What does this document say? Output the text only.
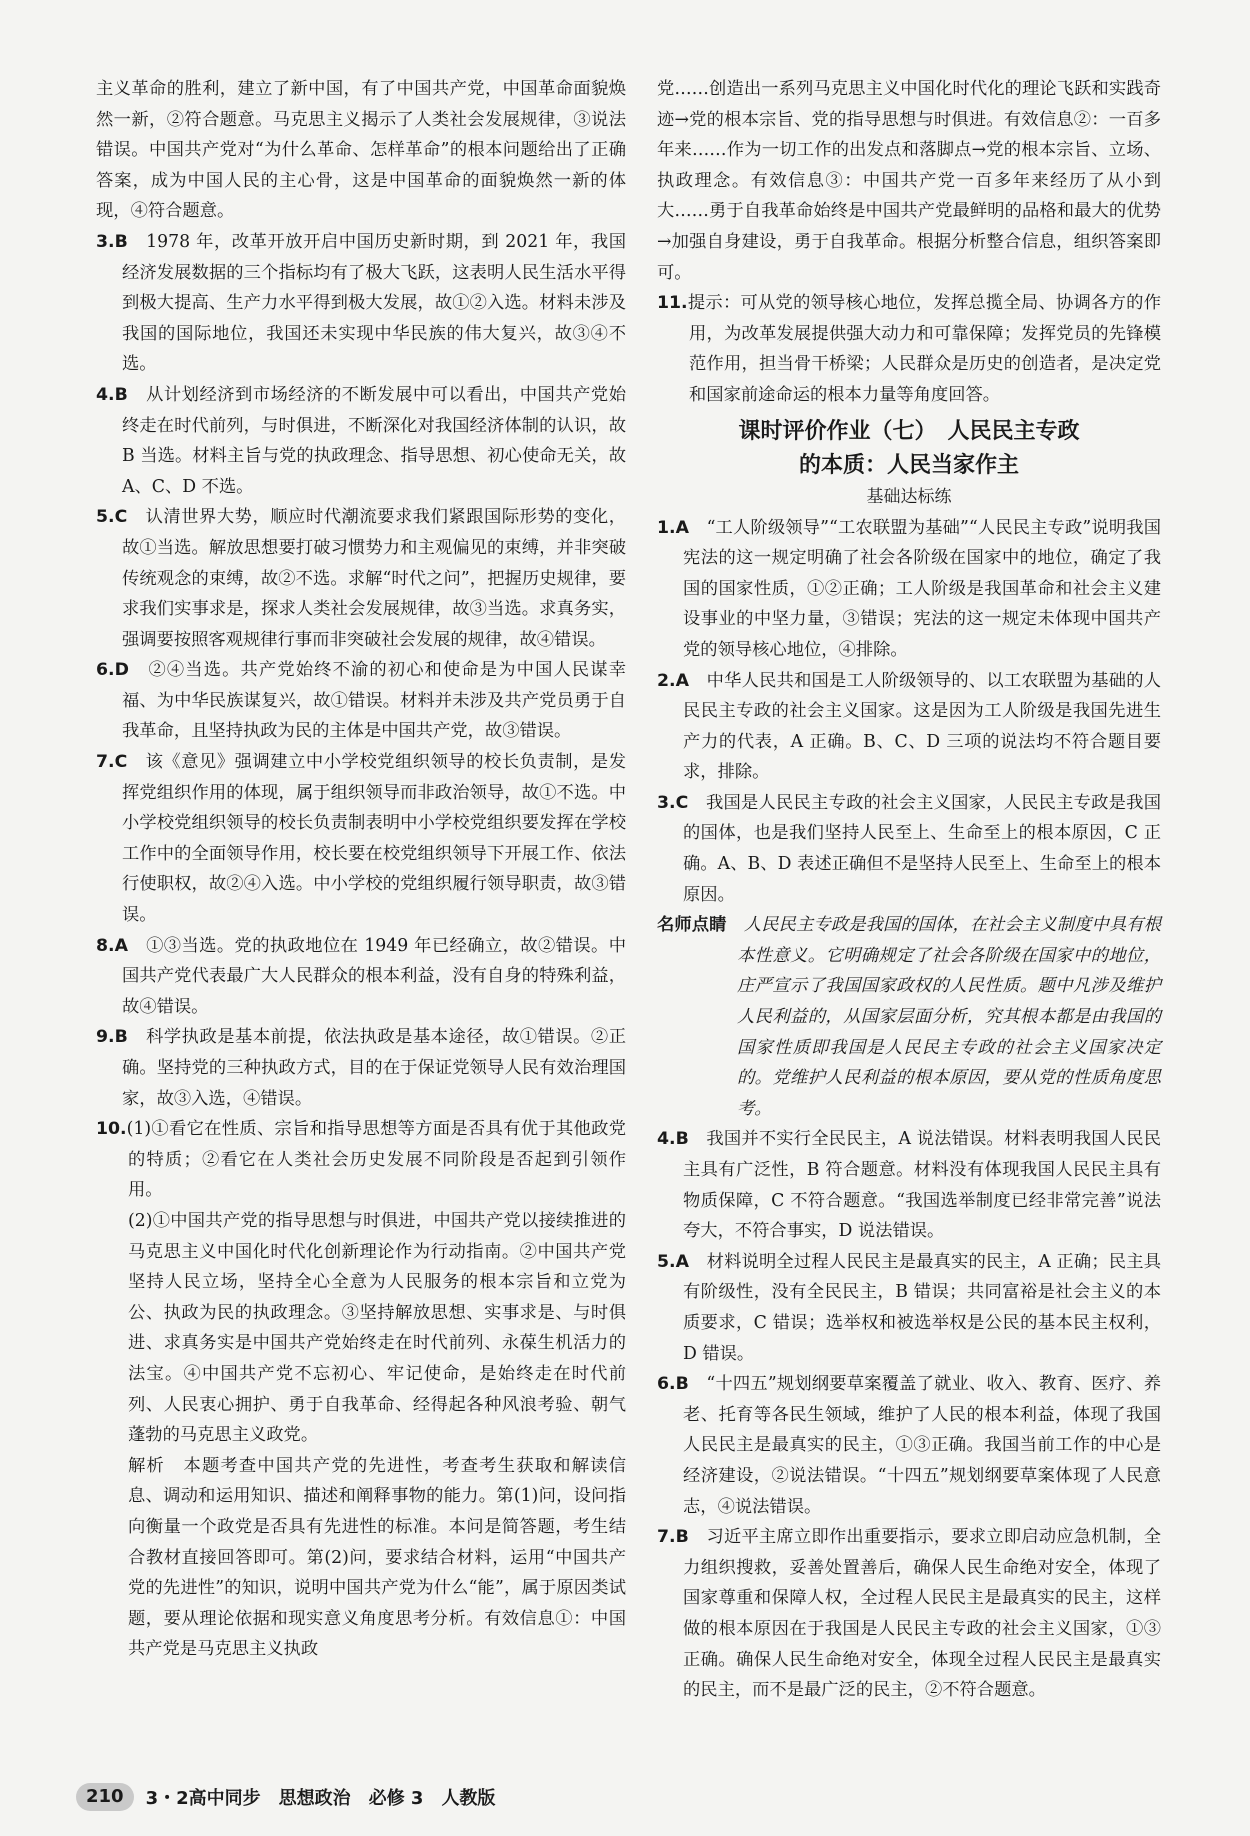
主义革命的胜利，建立了新中国，有了中国共产党，中国革命面貌焕然一新，②符合题意。马克思主义揭示了人类社会发展规律，③说法错误。中国共产党对“为什么革命、怎样革命”的根本问题给出了正确答案，成为中国人民的主心骨，这是中国革命的面貌焕然一新的体现，④符合题意。

3.B　 1978 年，改革开放开启中国历史新时期，到 2021 年，我国经济发展数据的三个指标均有了极大飞跃，这表明人民生活水平得到极大提高、生产力水平得到极大发展，故①②入选。材料未涉及我国的国际地位，我国还未实现中华民族的伟大复兴，故③④不选。

4.B　 从计划经济到市场经济的不断发展中可以看出，中国共产党始终走在时代前列，与时俱进，不断深化对我国经济体制的认识，故 B 当选。材料主旨与党的执政理念、指导思想、初心使命无关，故 A、C、D 不选。

5.C　 认清世界大势，顺应时代潮流要求我们紧跟国际形势的变化，故①当选。解放思想要打破习惯势力和主观偏见的束缚，并非突破传统观念的束缚，故②不选。求解“时代之问”，把握历史规律，要求我们实事求是，探求人类社会发展规律，故③当选。求真务实，强调要按照客观规律行事而非突破社会发展的规律，故④错误。

6.D　 ②④当选。共产党始终不渝的初心和使命是为中国人民谋幸福、为中华民族谋复兴，故①错误。材料并未涉及共产党员勇于自我革命，且坚持执政为民的主体是中国共产党，故③错误。

7.C　 该《意见》强调建立中小学校党组织领导的校长负责制，是发挥党组织作用的体现，属于组织领导而非政治领导，故①不选。中小学校党组织领导的校长负责制表明中小学校党组织要发挥在学校工作中的全面领导作用，校长要在校党组织领导下开展工作、依法行使职权，故②④入选。中小学校的党组织履行领导职责，故③错误。

8.A　 ①③当选。党的执政地位在 1949 年已经确立，故②错误。中国共产党代表最广大人民群众的根本利益，没有自身的特殊利益，故④错误。

9.B　 科学执政是基本前提，依法执政是基本途径，故①错误。②正确。坚持党的三种执政方式，目的在于保证党领导人民有效治理国家，故③入选，④错误。

10.(1)①看它在性质、宗旨和指导思想等方面是否具有优于其他政党的特质；②看它在人类社会历史发展不同阶段是否起到引领作用。

(2)①中国共产党的指导思想与时俱进，中国共产党以接续推进的马克思主义中国化时代化创新理论作为行动指南。②中国共产党坚持人民立场，坚持全心全意为人民服务的根本宗旨和立党为公、执政为民的执政理念。③坚持解放思想、实事求是、与时俱进、求真务实是中国共产党始终走在时代前列、永葆生机活力的法宝。④中国共产党不忘初心、牢记使命，是始终走在时代前列、人民衷心拥护、勇于自我革命、经得起各种风浪考验、朝气蓬勃的马克思主义政党。

解析　本题考查中国共产党的先进性，考查考生获取和解读信息、调动和运用知识、描述和阐释事物的能力。第(1)问，设问指向衡量一个政党是否具有先进性的标准。本问是简答题，考生结合教材直接回答即可。第(2)问，要求结合材料，运用“中国共产党的先进性”的知识，说明中国共产党为什么“能”，属于原因类试题，要从理论依据和现实意义角度思考分析。有效信息①：中国共产党是马克思主义执政

党……创造出一系列马克思主义中国化时代化的理论飞跃和实践奇迹→党的根本宗旨、党的指导思想与时俱进。有效信息②：一百多年来……作为一切工作的出发点和落脚点→党的根本宗旨、立场、执政理念。有效信息③：中国共产党一百多年来经历了从小到大……勇于自我革命始终是中国共产党最鲜明的品格和最大的优势→加强自身建设，勇于自我革命。根据分析整合信息，组织答案即可。

11.提示：可从党的领导核心地位，发挥总揽全局、协调各方的作用，为改革发展提供强大动力和可靠保障；发挥党员的先锋模范作用，担当骨干桥梁；人民群众是历史的创造者，是决定党和国家前途命运的根本力量等角度回答。

课时评价作业（七）　人民民主专政
的本质：人民当家作主
基础达标练

1.A　 “工人阶级领导”“工农联盟为基础”“人民民主专政”说明我国宪法的这一规定明确了社会各阶级在国家中的地位，确定了我国的国家性质，①②正确；工人阶级是我国革命和社会主义建设事业的中坚力量，③错误；宪法的这一规定未体现中国共产党的领导核心地位，④排除。

2.A　 中华人民共和国是工人阶级领导的、以工农联盟为基础的人民民主专政的社会主义国家。这是因为工人阶级是我国先进生产力的代表，A 正确。B、C、D 三项的说法均不符合题目要求，排除。

3.C　 我国是人民民主专政的社会主义国家，人民民主专政是我国的国体，也是我们坚持人民至上、生命至上的根本原因，C 正确。A、B、D 表述正确但不是坚持人民至上、生命至上的根本原因。

名师点睛　 人民民主专政是我国的国体，在社会主义制度中具有根本性意义。它明确规定了社会各阶级在国家中的地位，庄严宣示了我国国家政权的人民性质。题中凡涉及维护人民利益的，从国家层面分析，究其根本都是由我国的国家性质即我国是人民民主专政的社会主义国家决定的。党维护人民利益的根本原因，要从党的性质角度思考。

4.B　 我国并不实行全民民主，A 说法错误。材料表明我国人民民主具有广泛性，B 符合题意。材料没有体现我国人民民主具有物质保障，C 不符合题意。“我国选举制度已经非常完善”说法夸大，不符合事实，D 说法错误。

5.A　 材料说明全过程人民民主是最真实的民主，A 正确；民主具有阶级性，没有全民民主，B 错误；共同富裕是社会主义的本质要求，C 错误；选举权和被选举权是公民的基本民主权利，D 错误。

6.B　 “十四五”规划纲要草案覆盖了就业、收入、教育、医疗、养老、托育等各民生领域，维护了人民的根本利益，体现了我国人民民主是最真实的民主，①③正确。我国当前工作的中心是经济建设，②说法错误。“十四五”规划纲要草案体现了人民意志，④说法错误。

7.B　 习近平主席立即作出重要指示，要求立即启动应急机制，全力组织搜救，妥善处置善后，确保人民生命绝对安全，体现了国家尊重和保障人权，全过程人民民主是最真实的民主，这样做的根本原因在于我国是人民民主专政的社会主义国家，①③正确。确保人民生命绝对安全，体现全过程人民民主是最真实的民主，而不是最广泛的民主，②不符合题意。

210	3・2高中同步 思想政治 必修 3 人教版
